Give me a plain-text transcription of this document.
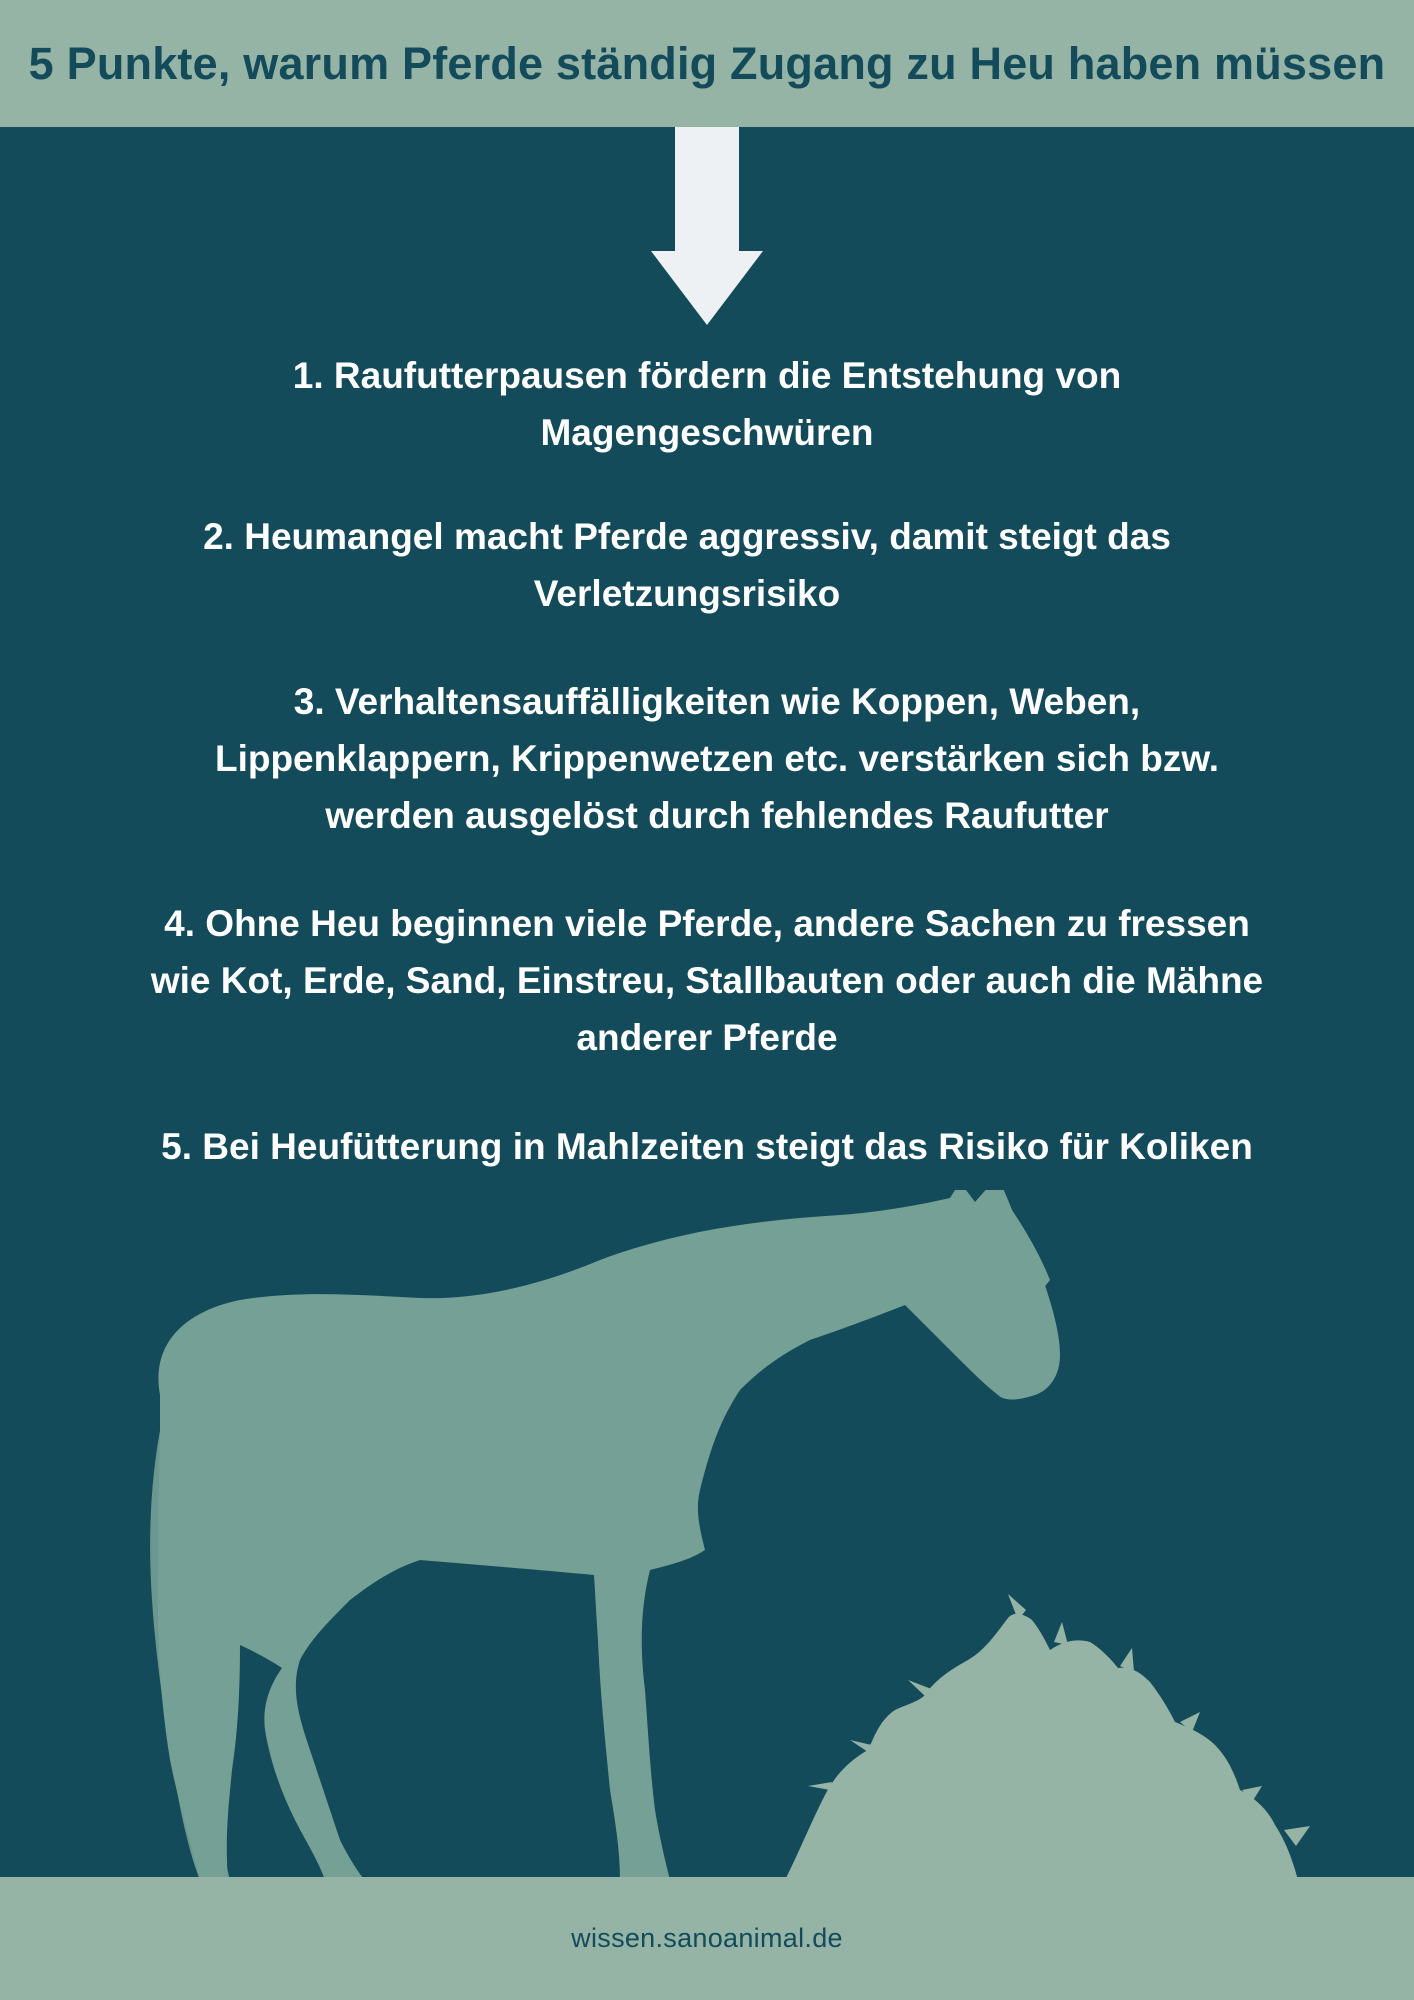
5 Punkte, warum Pferde ständig Zugang zu Heu haben müssen

1. Raufutterpausen fördern die Entstehung von
Magengeschwüren

2. Heumangel macht Pferde aggressiv, damit steigt das
Verletzungsrisiko

3. Verhaltensauffälligkeiten wie Koppen, Weben,
Lippenklappern, Krippenwetzen etc. verstärken sich bzw.
werden ausgelöst durch fehlendes Raufutter

4. Ohne Heu beginnen viele Pferde, andere Sachen zu fressen
wie Kot, Erde, Sand, Einstreu, Stallbauten oder auch die Mähne
anderer Pferde

5. Bei Heufütterung in Mahlzeiten steigt das Risiko für Koliken

wissen.sanoanimal.de
